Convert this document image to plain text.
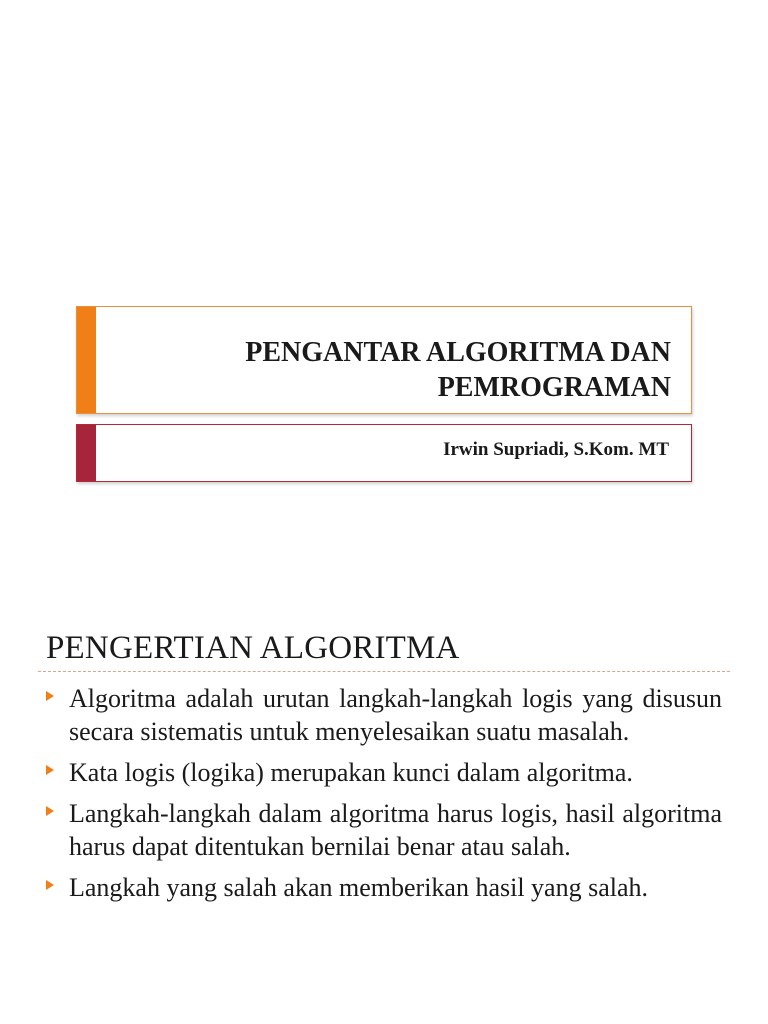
PENGANTAR ALGORITMA DAN
PEMROGRAMAN
Irwin Supriadi, S.Kom. MT
PENGERTIAN ALGORITMA
Algoritma adalah urutan langkah-langkah logis yang disusun secara sistematis untuk menyelesaikan suatu masalah.
Kata logis (logika) merupakan kunci dalam algoritma.
Langkah-langkah dalam algoritma harus logis, hasil algoritma harus dapat ditentukan bernilai benar atau salah.
Langkah yang salah akan memberikan hasil yang salah.
